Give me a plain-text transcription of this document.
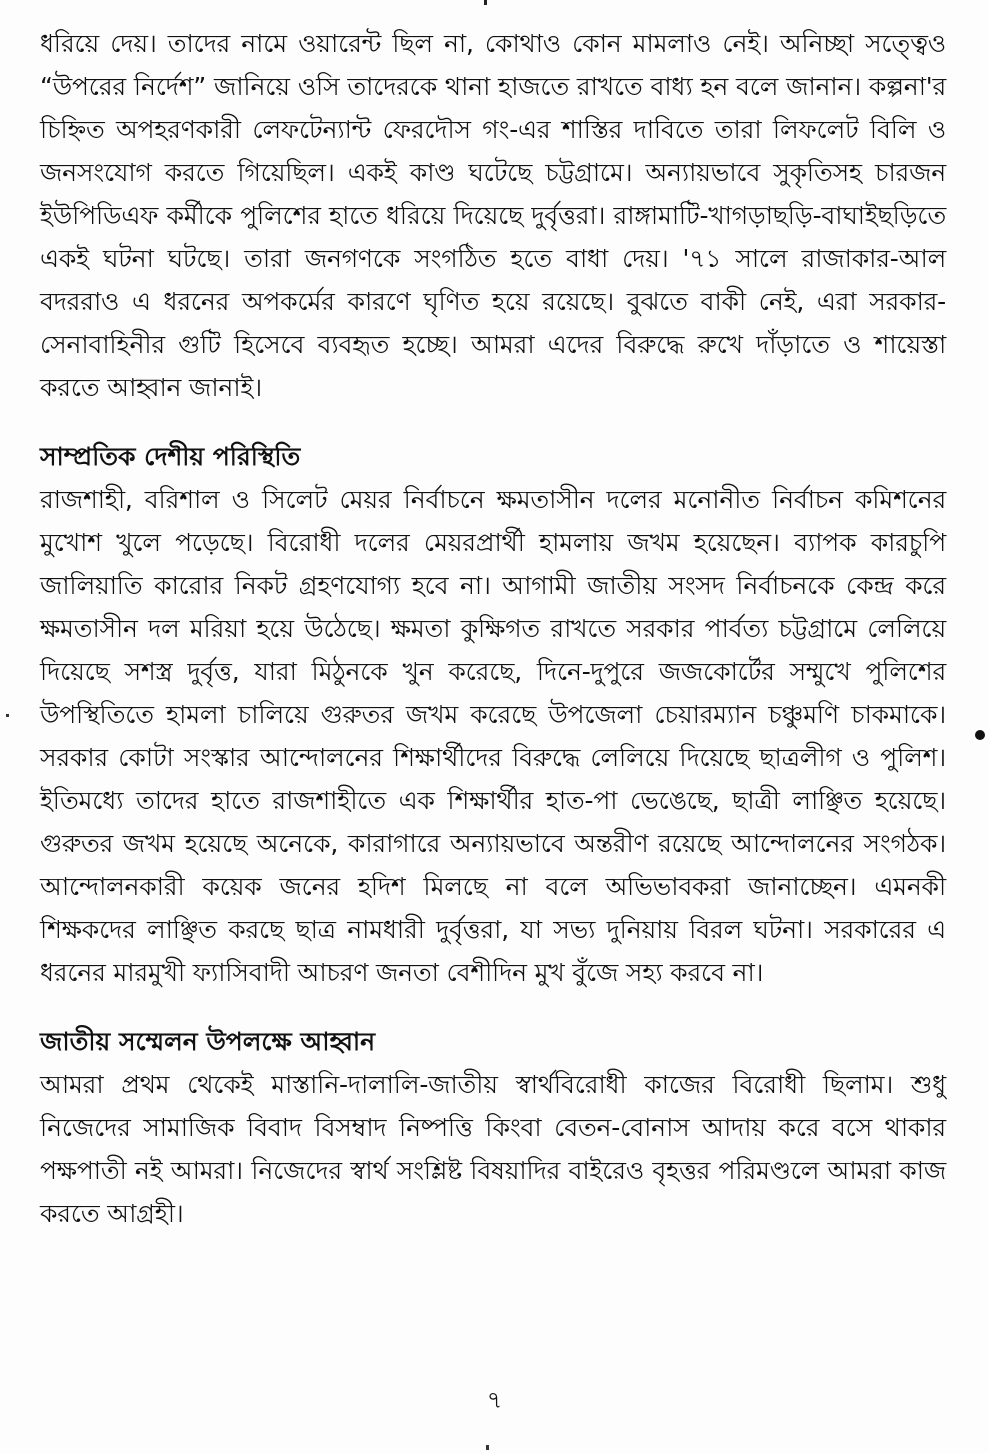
ধরিয়ে দেয়। তাদের নামে ওয়ারেন্ট ছিল না, কোথাও কোন মামলাও নেই। অনিচ্ছা সত্ত্বেও “উপরের নির্দেশ” জানিয়ে ওসি তাদেরকে থানা হাজতে রাখতে বাধ্য হন বলে জানান। কল্পনা'র চিহ্নিত অপহরণকারী লেফটেন্যান্ট ফেরদৌস গং-এর শাস্তির দাবিতে তারা লিফলেট বিলি ও জনসংযোগ করতে গিয়েছিল। একই কাণ্ড ঘটেছে চট্টগ্রামে। অন্যায়ভাবে সুকৃতিসহ চারজন ইউপিডিএফ কর্মীকে পুলিশের হাতে ধরিয়ে দিয়েছে দুর্বৃত্তরা। রাঙ্গামাটি-খাগড়াছড়ি-বাঘাইছড়িতে একই ঘটনা ঘটছে। তারা জনগণকে সংগঠিত হতে বাধা দেয়। '৭১ সালে রাজাকার-আল বদররাও এ ধরনের অপকর্মের কারণে ঘৃণিত হয়ে রয়েছে। বুঝতে বাকী নেই, এরা সরকার-সেনাবাহিনীর গুটি হিসেবে ব্যবহৃত হচ্ছে। আমরা এদের বিরুদ্ধে রুখে দাঁড়াতে ও শায়েস্তা করতে আহ্বান জানাই।

সাম্প্রতিক দেশীয় পরিস্থিতি

রাজশাহী, বরিশাল ও সিলেট মেয়র নির্বাচনে ক্ষমতাসীন দলের মনোনীত নির্বাচন কমিশনের মুখোশ খুলে পড়েছে। বিরোধী দলের মেয়রপ্রার্থী হামলায় জখম হয়েছেন। ব্যাপক কারচুপি জালিয়াতি কারোর নিকট গ্রহণযোগ্য হবে না। আগামী জাতীয় সংসদ নির্বাচনকে কেন্দ্র করে ক্ষমতাসীন দল মরিয়া হয়ে উঠেছে। ক্ষমতা কুক্ষিগত রাখতে সরকার পার্বত্য চট্টগ্রামে লেলিয়ে দিয়েছে সশস্ত্র দুর্বৃত্ত, যারা মিঠুনকে খুন করেছে, দিনে-দুপুরে জজকোর্টের সম্মুখে পুলিশের উপস্থিতিতে হামলা চালিয়ে গুরুতর জখম করেছে উপজেলা চেয়ারম্যান চঞ্চুমণি চাকমাকে। সরকার কোটা সংস্কার আন্দোলনের শিক্ষার্থীদের বিরুদ্ধে লেলিয়ে দিয়েছে ছাত্রলীগ ও পুলিশ। ইতিমধ্যে তাদের হাতে রাজশাহীতে এক শিক্ষার্থীর হাত-পা ভেঙেছে, ছাত্রী লাঞ্ছিত হয়েছে। গুরুতর জখম হয়েছে অনেকে, কারাগারে অন্যায়ভাবে অন্তরীণ রয়েছে আন্দোলনের সংগঠক। আন্দোলনকারী কয়েক জনের হদিশ মিলছে না বলে অভিভাবকরা জানাচ্ছেন। এমনকী শিক্ষকদের লাঞ্ছিত করছে ছাত্র নামধারী দুর্বৃত্তরা, যা সভ্য দুনিয়ায় বিরল ঘটনা। সরকারের এ ধরনের মারমুখী ফ্যাসিবাদী আচরণ জনতা বেশীদিন মুখ বুঁজে সহ্য করবে না।

জাতীয় সম্মেলন উপলক্ষে আহ্বান

আমরা প্রথম থেকেই মাস্তানি-দালালি-জাতীয় স্বার্থবিরোধী কাজের বিরোধী ছিলাম। শুধু নিজেদের সামাজিক বিবাদ বিসম্বাদ নিষ্পত্তি কিংবা বেতন-বোনাস আদায় করে বসে থাকার পক্ষপাতী নই আমরা। নিজেদের স্বার্থ সংশ্লিষ্ট বিষয়াদির বাইরেও বৃহত্তর পরিমণ্ডলে আমরা কাজ করতে আগ্রহী।

৭
